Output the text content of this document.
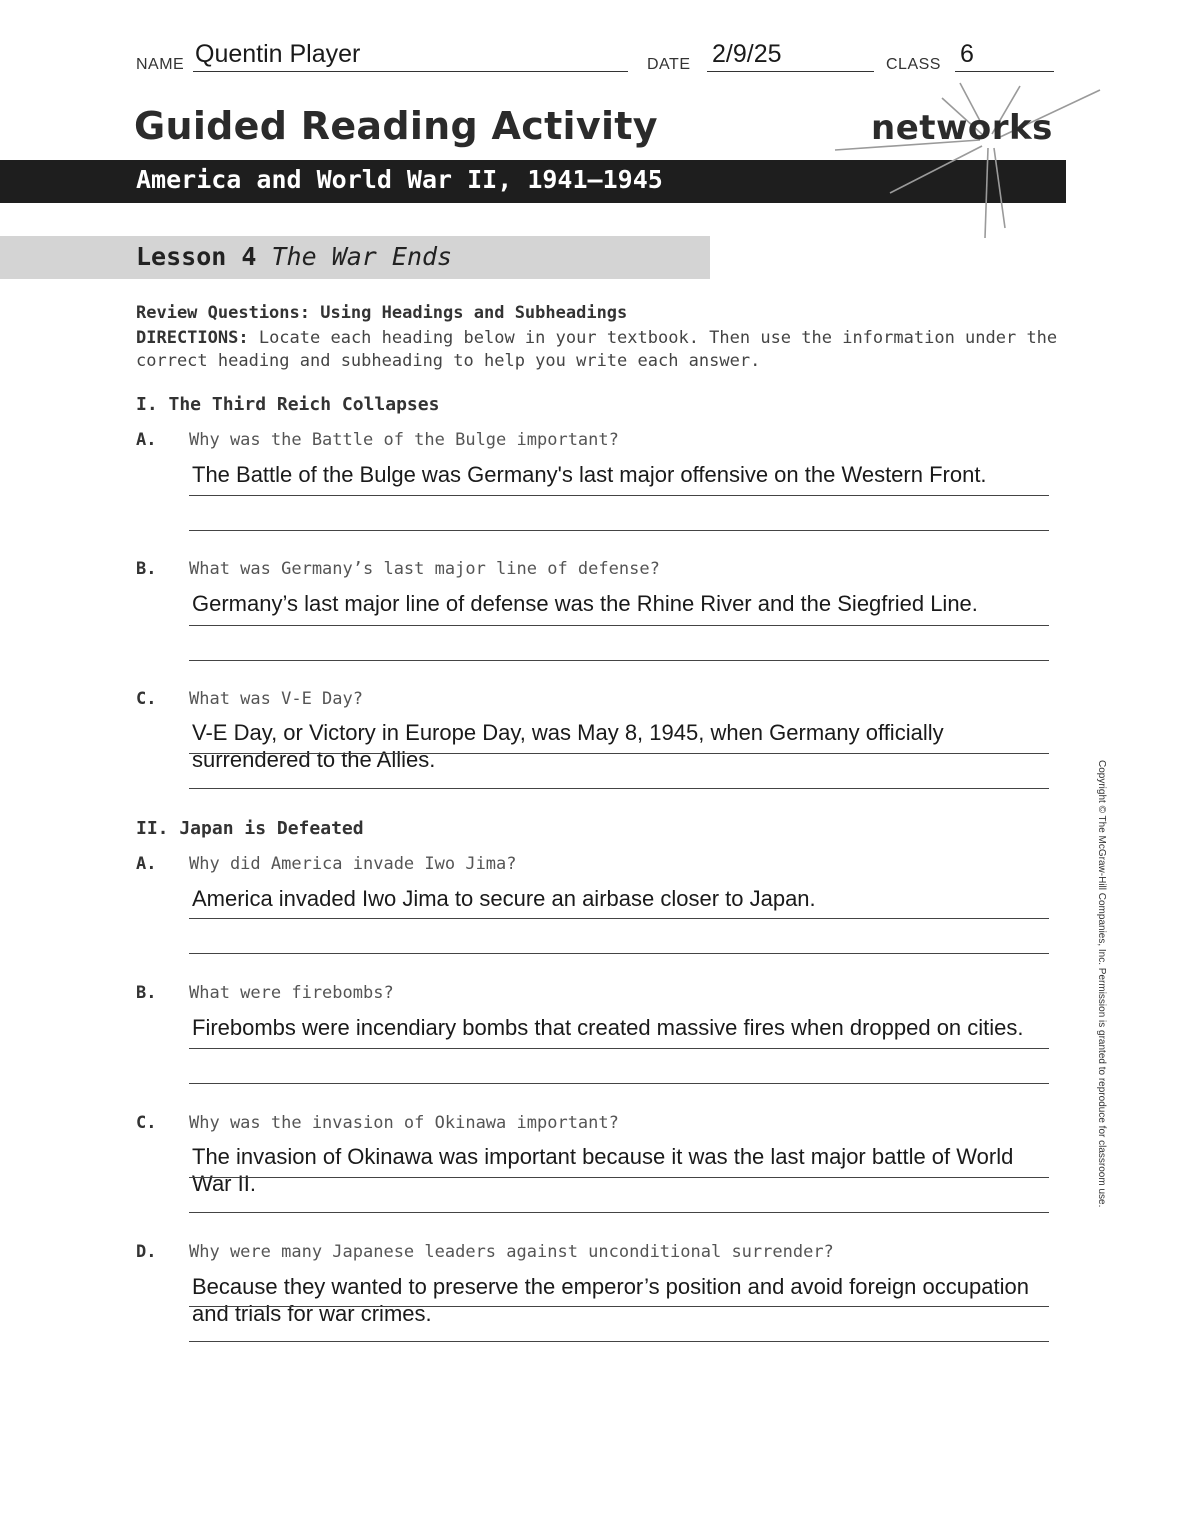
NAME Quentin Player	DATE 2/9/25	CLASS 6
Guided Reading Activity
America and World War II, 1941–1945
networks
Lesson 4 The War Ends
Review Questions: Using Headings and Subheadings
DIRECTIONS: Locate each heading below in your textbook. Then use the information under the correct heading and subheading to help you write each answer.
I. The Third Reich Collapses
A. Why was the Battle of the Bulge important?
The Battle of the Bulge was Germany's last major offensive on the Western Front.
B. What was Germany’s last major line of defense?
Germany’s last major line of defense was the Rhine River and the Siegfried Line.
C. What was V-E Day?
V-E Day, or Victory in Europe Day, was May 8, 1945, when Germany officially surrendered to the Allies.
II. Japan is Defeated
A. Why did America invade Iwo Jima?
America invaded Iwo Jima to secure an airbase closer to Japan.
B. What were firebombs?
Firebombs were incendiary bombs that created massive fires when dropped on cities.
C. Why was the invasion of Okinawa important?
The invasion of Okinawa was important because it was the last major battle of World War II.
D. Why were many Japanese leaders against unconditional surrender?
Because they wanted to preserve the emperor’s position and avoid foreign occupation and trials for war crimes.
Copyright © The McGraw-Hill Companies, Inc. Permission is granted to reproduce for classroom use.
